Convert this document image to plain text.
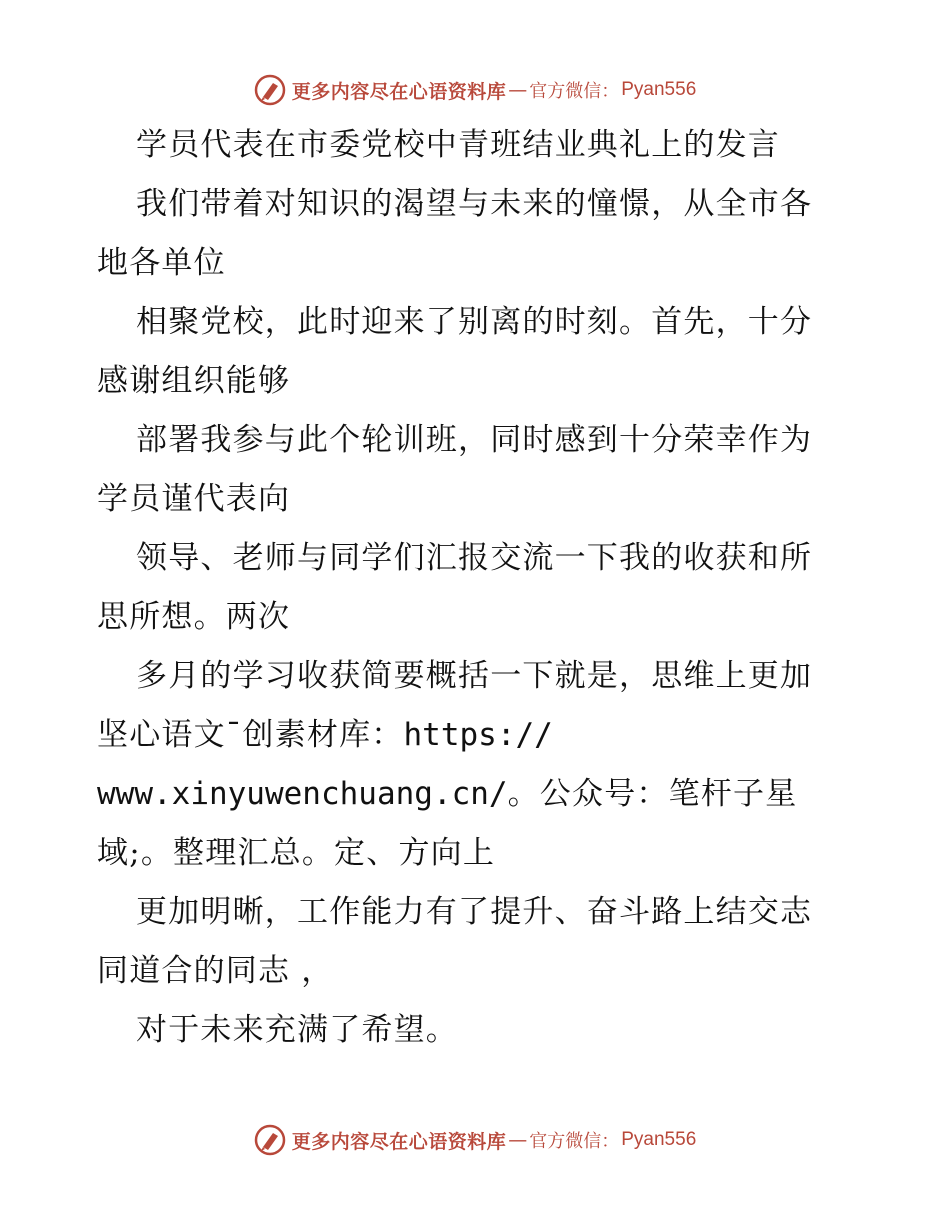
更多内容尽在心语资料库 — 官方微信： Pyan556

学员代表在市委党校中青班结业典礼上的发言

我们带着对知识的渴望与未来的憧憬，从全市各
地各单位

相聚党校，此时迎来了别离的时刻。首先，十分
感谢组织能够

部署我参与此个轮训班，同时感到十分荣幸作为
学员谨代表向

领导、老师与同学们汇报交流一下我的收获和所
思所想。两次

多月的学习收获简要概括一下就是，思维上更加
坚心语文¯创素材库：https://
www.xinyuwenchuang.cn/。公众号：笔杆子星
域;。整理汇总。定、方向上

更加明晰，工作能力有了提升、奋斗路上结交志
同道合的同志 ，

对于未来充满了希望。

更多内容尽在心语资料库 — 官方微信： Pyan556
